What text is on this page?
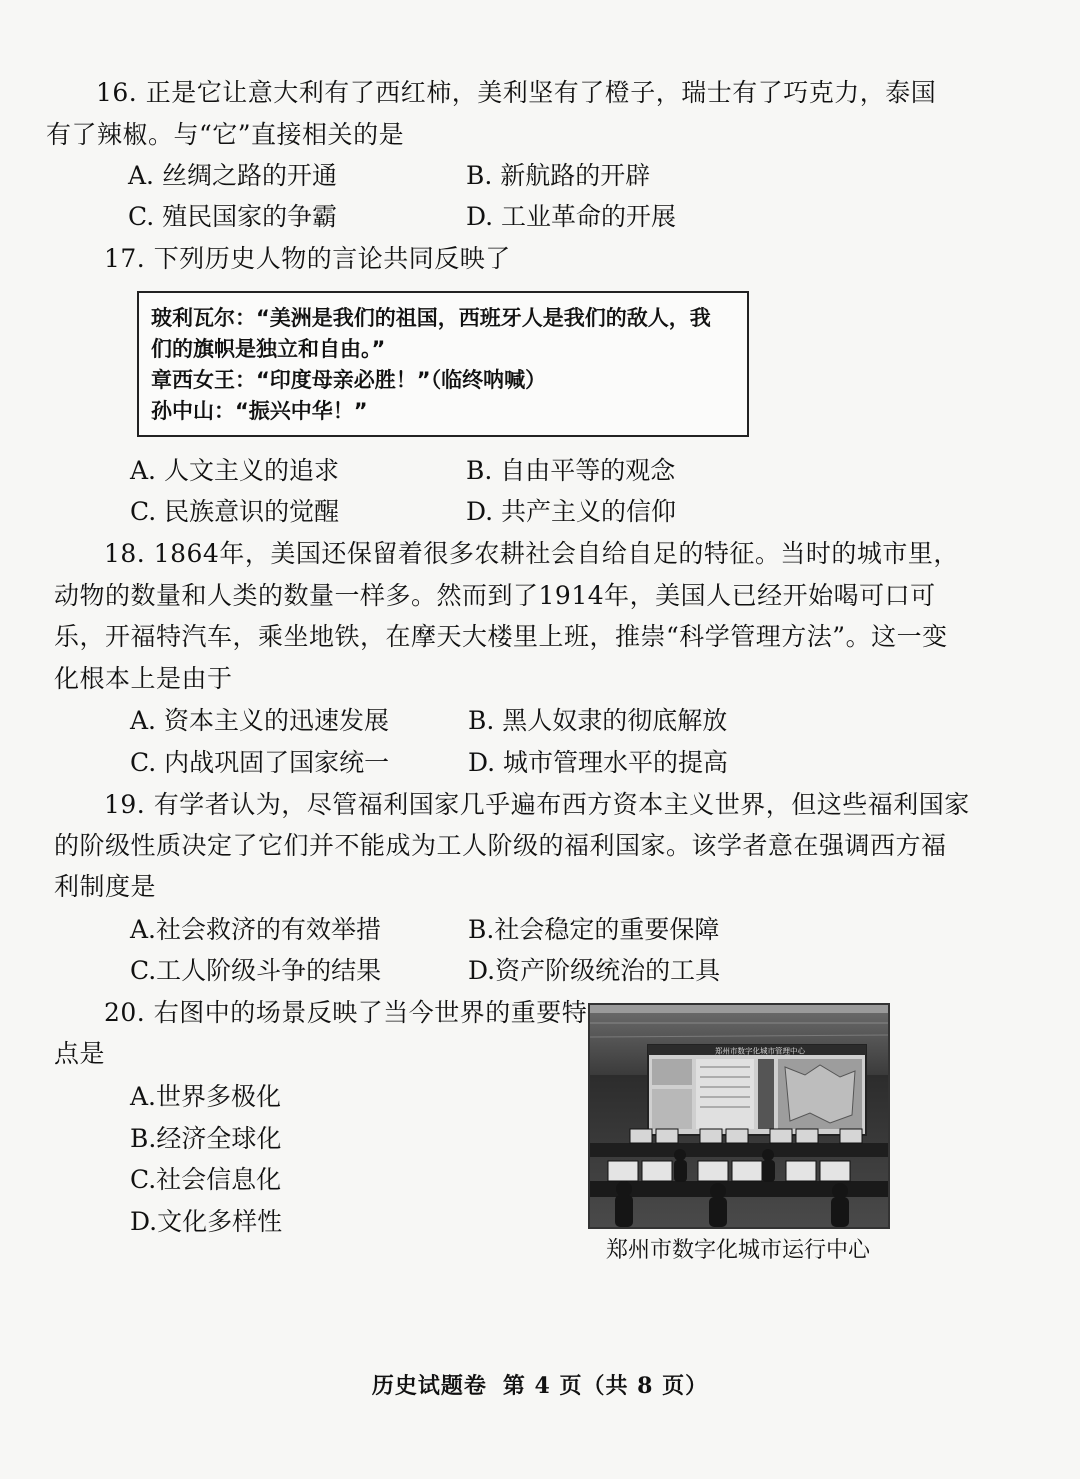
16. 正是它让意大利有了西红柿，美利坚有了橙子，瑞士有了巧克力，泰国
有了辣椒。与“它”直接相关的是
A. 丝绸之路的开通	B. 新航路的开辟
C. 殖民国家的争霸	D. 工业革命的开展
17. 下列历史人物的言论共同反映了
玻利瓦尔：“美洲是我们的祖国，西班牙人是我们的敌人，我
们的旗帜是独立和自由。”
章西女王：“印度母亲必胜！”（临终呐喊）
孙中山：“振兴中华！”
A. 人文主义的追求	B. 自由平等的观念
C. 民族意识的觉醒	D. 共产主义的信仰
18. 1864年，美国还保留着很多农耕社会自给自足的特征。当时的城市里，
动物的数量和人类的数量一样多。然而到了1914年，美国人已经开始喝可口可
乐，开福特汽车，乘坐地铁，在摩天大楼里上班，推崇“科学管理方法”。这一变
化根本上是由于
A. 资本主义的迅速发展	B. 黑人奴隶的彻底解放
C. 内战巩固了国家统一	D. 城市管理水平的提高
19. 有学者认为，尽管福利国家几乎遍布西方资本主义世界，但这些福利国家
的阶级性质决定了它们并不能成为工人阶级的福利国家。该学者意在强调西方福
利制度是
A.社会救济的有效举措	B.社会稳定的重要保障
C.工人阶级斗争的结果	D.资产阶级统治的工具
20. 右图中的场景反映了当今世界的重要特
点是
A.世界多极化
B.经济全球化
C.社会信息化
D.文化多样性
郑州市数字化城市管理中心
郑州市数字化城市运行中心
历史试题卷 第 4 页（共 8 页）
